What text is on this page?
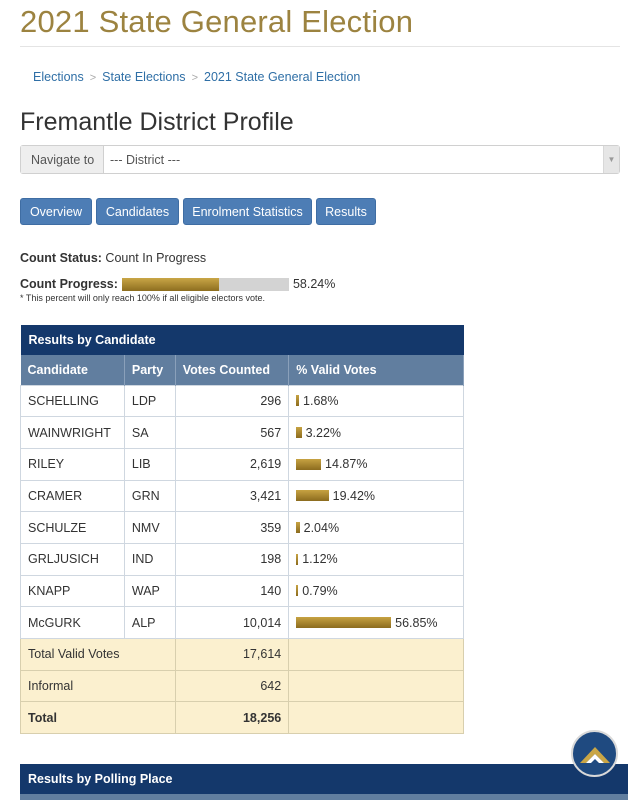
2021 State General Election
Elections > State Elections > 2021 State General Election
Fremantle District Profile
Navigate to	--- District ---	▼
Overview	Candidates	Enrolment Statistics	Results
Count Status: Count In Progress
Count Progress:	58.24%
* This percent will only reach 100% if all eligible electors vote.
Results by Candidate			
Candidate	Party	Votes Counted	% Valid Votes
SCHELLING	LDP	296	1.68%

WAINWRIGHT	SA	567	3.22%

RILEY	LIB	2,619	14.87%

CRAMER	GRN	3,421	19.42%

SCHULZE	NMV	359	2.04%

GRLJUSICH	IND	198	1.12%

KNAPP	WAP	140	0.79%

McGURK	ALP	10,014	56.85%

Total Valid Votes		17,614	
Informal		642	
Total		18,256	
Results by Polling Place
